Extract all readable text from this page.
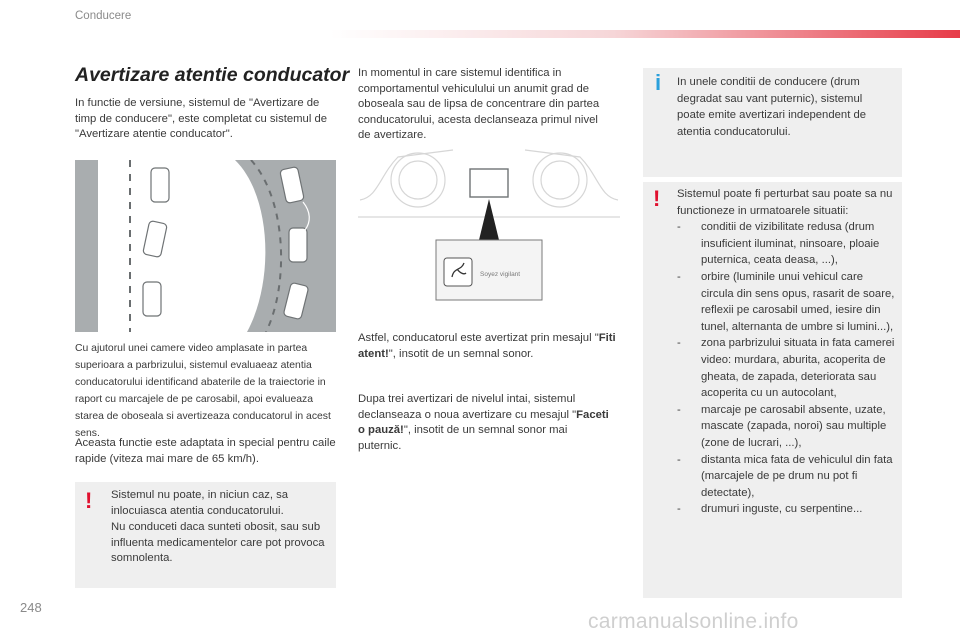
Conducere
Avertizare atentie conducator

In functie de versiune, sistemul de "Avertizare de timp de conducere", este completat cu sistemul de "Avertizare atentie conducator".

Cu ajutorul unei camere video amplasate in partea superioara a parbrizului, sistemul evaluaeaz atentia conducatorului identificand abaterile de la traiectorie in raport cu marcajele de pe carosabil, apoi evalueaza starea de oboseala si avertizeaza conducatorul in acest sens.

Aceasta functie este adaptata in special pentru caile rapide (viteza mai mare de 65 km/h).

! Sistemul nu poate, in niciun caz, sa inlocuiasca atentia conducatorului.

Nu conduceti daca sunteti obosit, sau sub influenta medicamentelor care pot provoca somnolenta.

In momentul in care sistemul identifica in comportamentul vehiculului un anumit grad de oboseala sau de lipsa de concentrare din partea conducatorului, acesta declanseaza primul nivel de avertizare.

Soyez vigilant

Astfel, conducatorul este avertizat prin mesajul "Fiti atent!", insotit de un semnal sonor.

Dupa trei avertizari de nivelul intai, sistemul declanseaza o noua avertizare cu mesajul "Faceti o pauză!", insotit de un semnal sonor mai puternic.

i In unele conditii de conducere (drum degradat sau vant puternic), sistemul poate emite avertizari independent de atentia conducatorului.

! Sistemul poate fi perturbat sau poate sa nu functioneze in urmatoarele situatii:

- conditii de vizibilitate redusa (drum insuficient iluminat, ninsoare, ploaie puternica, ceata deasa, ...),
- orbire (luminile unui vehicul care circula din sens opus, rasarit de soare, reflexii pe carosabil umed, iesire din tunel, alternanta de umbre si lumini...),
- zona parbrizului situata in fata camerei video: murdara, aburita, acoperita de gheata, de zapada, deteriorata sau acoperita cu un autocolant,
- marcaje pe carosabil absente, uzate, mascate (zapada, noroi) sau multiple (zone de lucrari, ...),
- distanta mica fata de vehiculul din fata (marcajele de pe drum nu pot fi detectate),
- drumuri inguste, cu serpentine...
248
carmanualsonline.info
